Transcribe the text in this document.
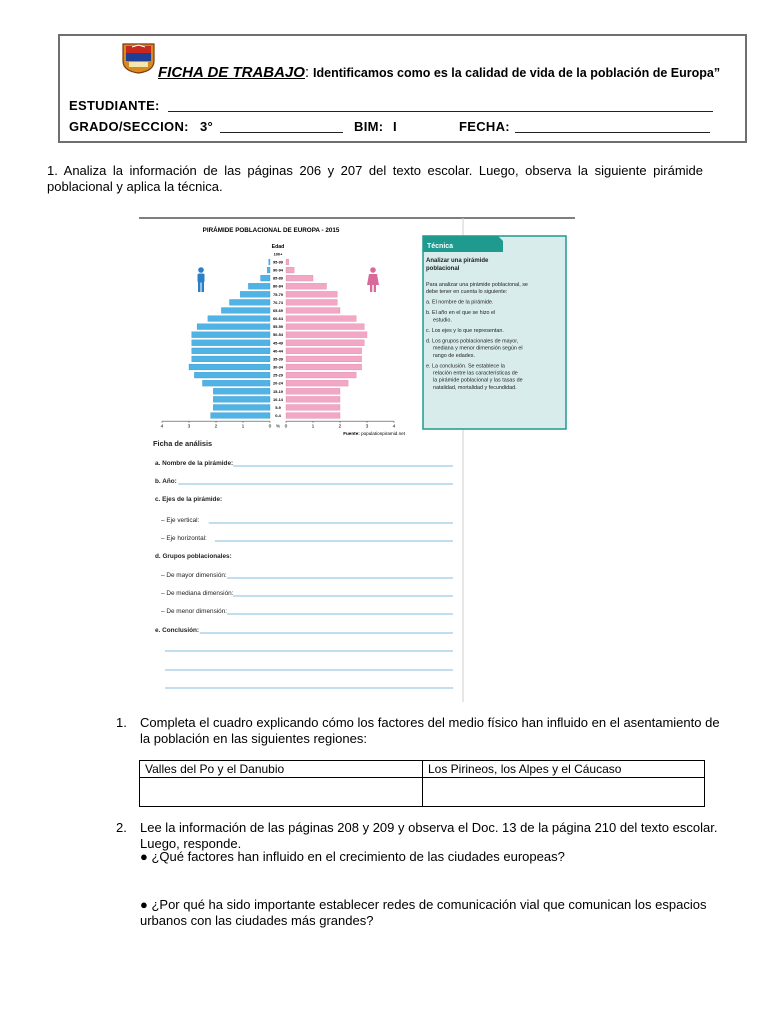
FICHA DE TRABAJO: Identificamos como es la calidad de vida de la población de Europa”
ESTUDIANTE:
GRADO/SECCION: 3°	BIM: I	FECHA:
1. Analiza la información de las páginas 206 y 207 del texto escolar. Luego, observa la siguiente pirámide poblacional y aplica la técnica.
PIRÁMIDE POBLACIONAL DE EUROPA - 2015
100+
95-99
90-94
85-89
80-84
75-79
70-74
65-69
60-64
55-59
50-54
45-49
40-44
35-39
30-34
25-29
20-24
15-19
10-14
5-9
0-4
4	3	2	1	0	0	1	2	3	4
%
Edad
Fuente: populationpiramid.net
Técnica
Analizar una pirámide poblacional
Para analizar una pirámide poblacional, se debe tener en cuenta lo siguiente:
a. El nombre de la pirámide.
b. El año en el que se hizo el estudio.
c. Los ejes y lo que representan.
d. Los grupos poblacionales de mayor, mediana y menor dimensión según el rango de edades.
e. La conclusión. Se establece la relación entre las características de la pirámide poblacional y las tasas de natalidad, mortalidad y fecundidad.
Ficha de análisis
a. Nombre de la pirámide:
b. Año:
c. Ejes de la pirámide:
– Eje vertical:
– Eje horizontal:
d. Grupos poblacionales:
– De mayor dimensión:
– De mediana dimensión:
– De menor dimensión:
e. Conclusión:
1. Completa el cuadro explicando cómo los factores del medio físico han influido en el asentamiento de la población en las siguientes regiones:
Valles del Po y el Danubio	Los Pirineos, los Alpes y el Cáucaso

2. Lee la información de las páginas 208 y 209 y observa el Doc. 13 de la página 210 del texto escolar. Luego, responde.
● ¿Qué factores han influido en el crecimiento de las ciudades europeas?
● ¿Por qué ha sido importante establecer redes de comunicación vial que comunican los espacios urbanos con las ciudades más grandes?
